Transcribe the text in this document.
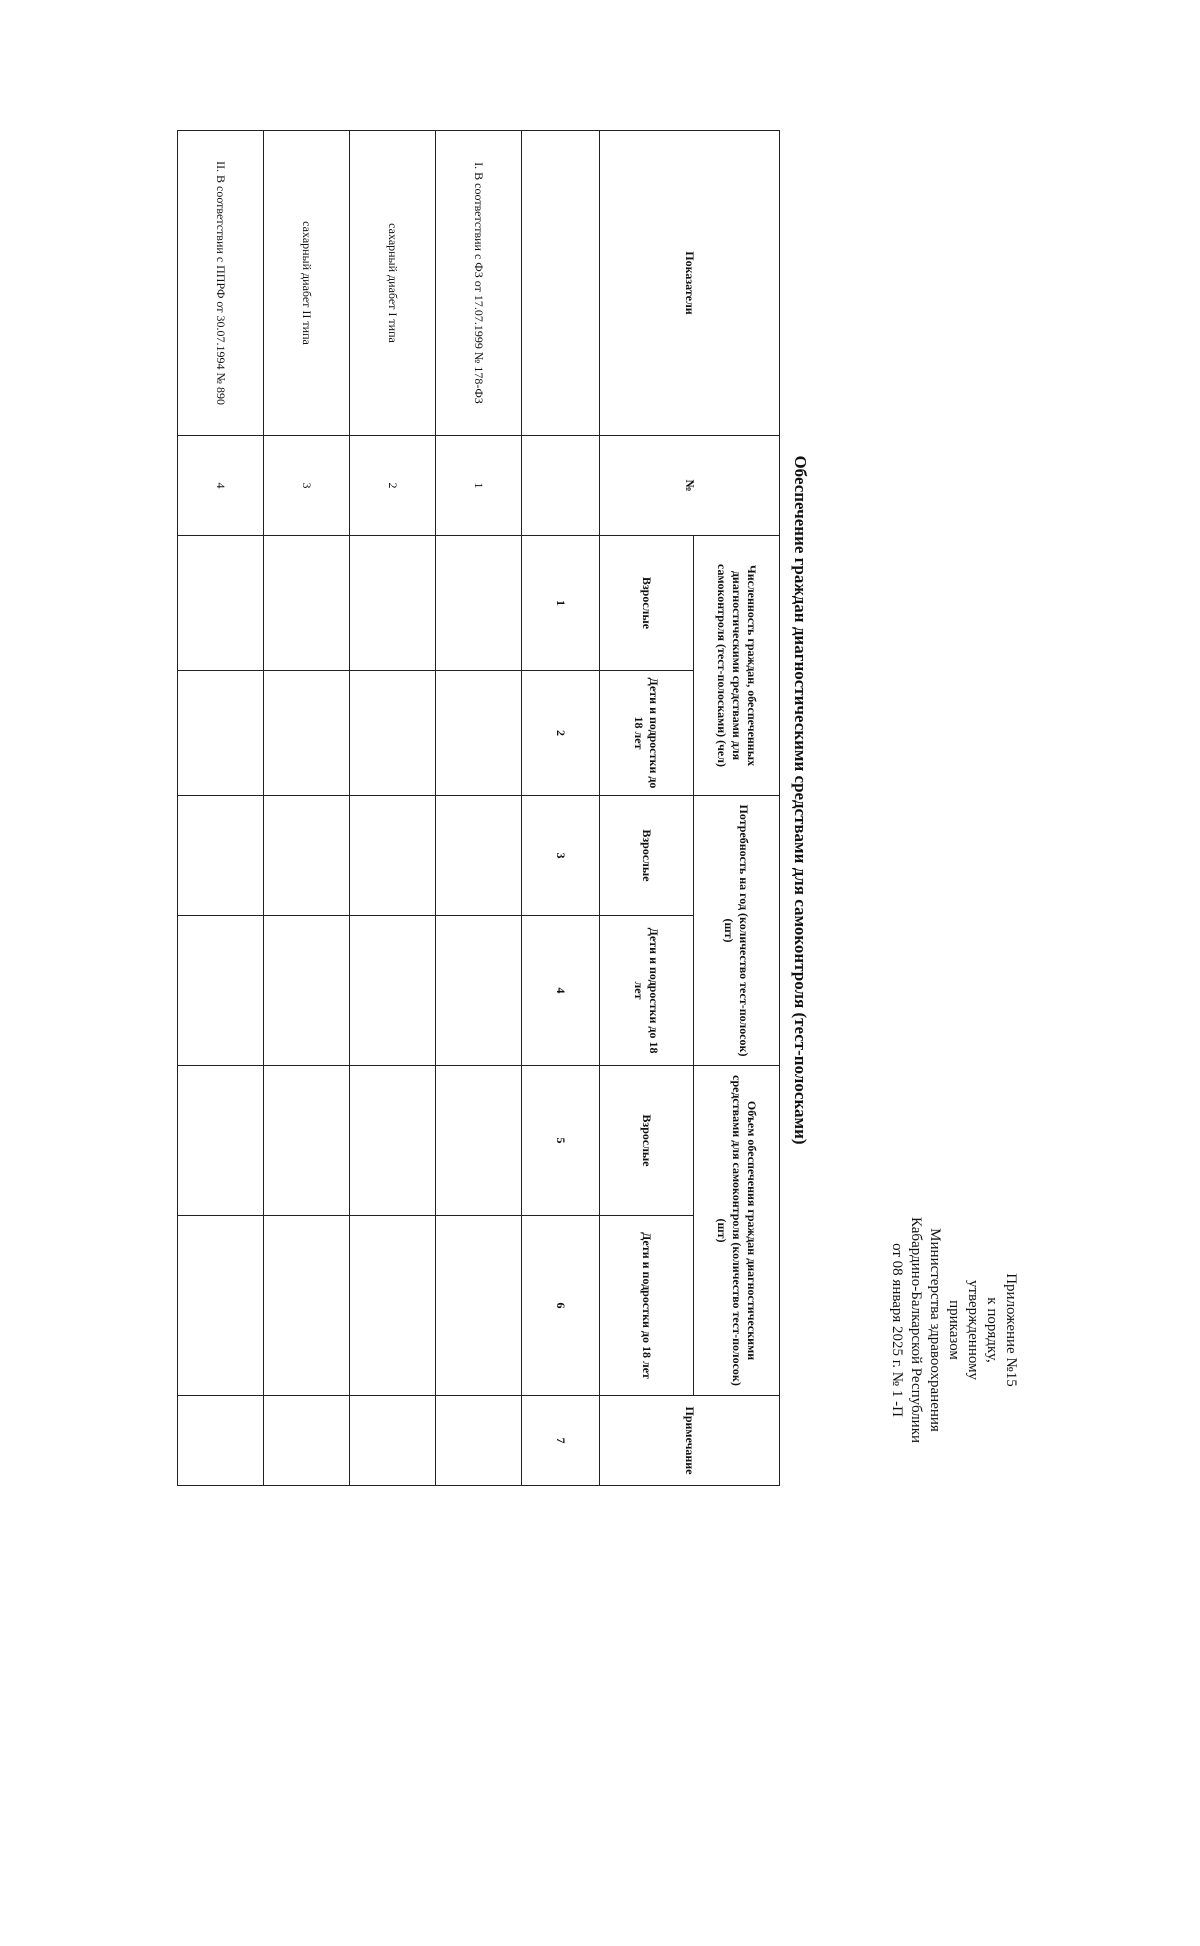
Приложение №15
к порядку,
утвержденному
приказом
Министерства здравоохранения
Кабардино-Балкарской Республики
от 08 января 2025 г. № 1 -П
Обеспечение граждан диагностическими средствами для самоконтроля (тест-полосками)
Показатели	№	Численность граждан, обеспеченных диагностическими средствами для самоконтроля (тест-полосками) (чел)		Потребность на год (количество тест-полосок) (шт)		Объем обеспечения граждан диагностическими средствами для самоконтроля (количество тест-полосок) (шт)		Примечание
		Взрослые	Дети и подростки до 18 лет	Взрослые	Дети и подростки до 18 лет	Взрослые	Дети и подростки до 18 лет	
		1	2	3	4	5	6	7
I. В соответствии с ФЗ от 17.07.1999 № 178-ФЗ	1							
сахарный диабет I типа	2							
сахарный диабет II типа	3							
II. В соответствии с ППРФ от 30.07.1994 № 890	4							
